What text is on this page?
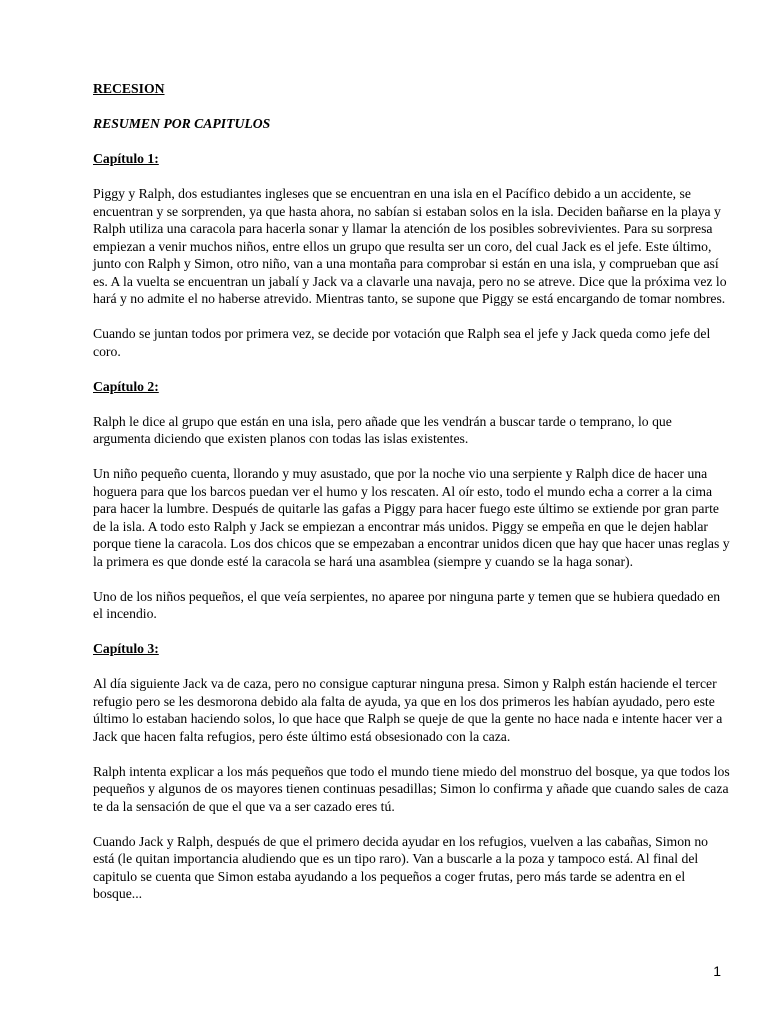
RECESION

RESUMEN POR CAPITULOS

Capítulo 1:

Piggy y Ralph, dos estudiantes ingleses que se encuentran en una isla en el Pacífico debido a un accidente, se encuentran y se sorprenden, ya que hasta ahora, no sabían si estaban solos en la isla. Deciden bañarse en la playa y Ralph utiliza una caracola para hacerla sonar y llamar la atención de los posibles sobrevivientes. Para su sorpresa empiezan a venir muchos niños, entre ellos un grupo que resulta ser un coro, del cual Jack es el jefe. Este último, junto con Ralph y Simon, otro niño, van a una montaña para comprobar si están en una isla, y comprueban que así es. A la vuelta se encuentran un jabalí y Jack va a clavarle una navaja, pero no se atreve. Dice que la próxima vez lo hará y no admite el no haberse atrevido. Mientras tanto, se supone que Piggy se está encargando de tomar nombres.

Cuando se juntan todos por primera vez, se decide por votación que Ralph sea el jefe y Jack queda como jefe del coro.

Capítulo 2:

Ralph le dice al grupo que están en una isla, pero añade que les vendrán a buscar tarde o temprano, lo que argumenta diciendo que existen planos con todas las islas existentes.

Un niño pequeño cuenta, llorando y muy asustado, que por la noche vio una serpiente y Ralph dice de hacer una hoguera para que los barcos puedan ver el humo y los rescaten. Al oír esto, todo el mundo echa a correr a la cima para hacer la lumbre. Después de quitarle las gafas a Piggy para hacer fuego este último se extiende por gran parte de la isla. A todo esto Ralph y Jack se empiezan a encontrar más unidos. Piggy se empeña en que le dejen hablar porque tiene la caracola. Los dos chicos que se empezaban a encontrar unidos dicen que hay que hacer unas reglas y la primera es que donde esté la caracola se hará una asamblea (siempre y cuando se la haga sonar).

Uno de los niños pequeños, el que veía serpientes, no aparee por ninguna parte y temen que se hubiera quedado en el incendio.

Capítulo 3:

Al día siguiente Jack va de caza, pero no consigue capturar ninguna presa. Simon y Ralph están haciende el tercer refugio pero se les desmorona debido ala falta de ayuda, ya que en los dos primeros les habían ayudado, pero este último lo estaban haciendo solos, lo que hace que Ralph se queje de que la gente no hace nada e intente hacer ver a Jack que hacen falta refugios, pero éste último está obsesionado con la caza.

Ralph intenta explicar a los más pequeños que todo el mundo tiene miedo del monstruo del bosque, ya que todos los pequeños y algunos de os mayores tienen continuas pesadillas; Simon lo confirma y añade que cuando sales de caza te da la sensación de que el que va a ser cazado eres tú.

Cuando Jack y Ralph, después de que el primero decida ayudar en los refugios, vuelven a las cabañas, Simon no está (le quitan importancia aludiendo que es un tipo raro). Van a buscarle a la poza y tampoco está. Al final del capitulo se cuenta que Simon estaba ayudando a los pequeños a coger frutas, pero más tarde se adentra en el bosque...

1
